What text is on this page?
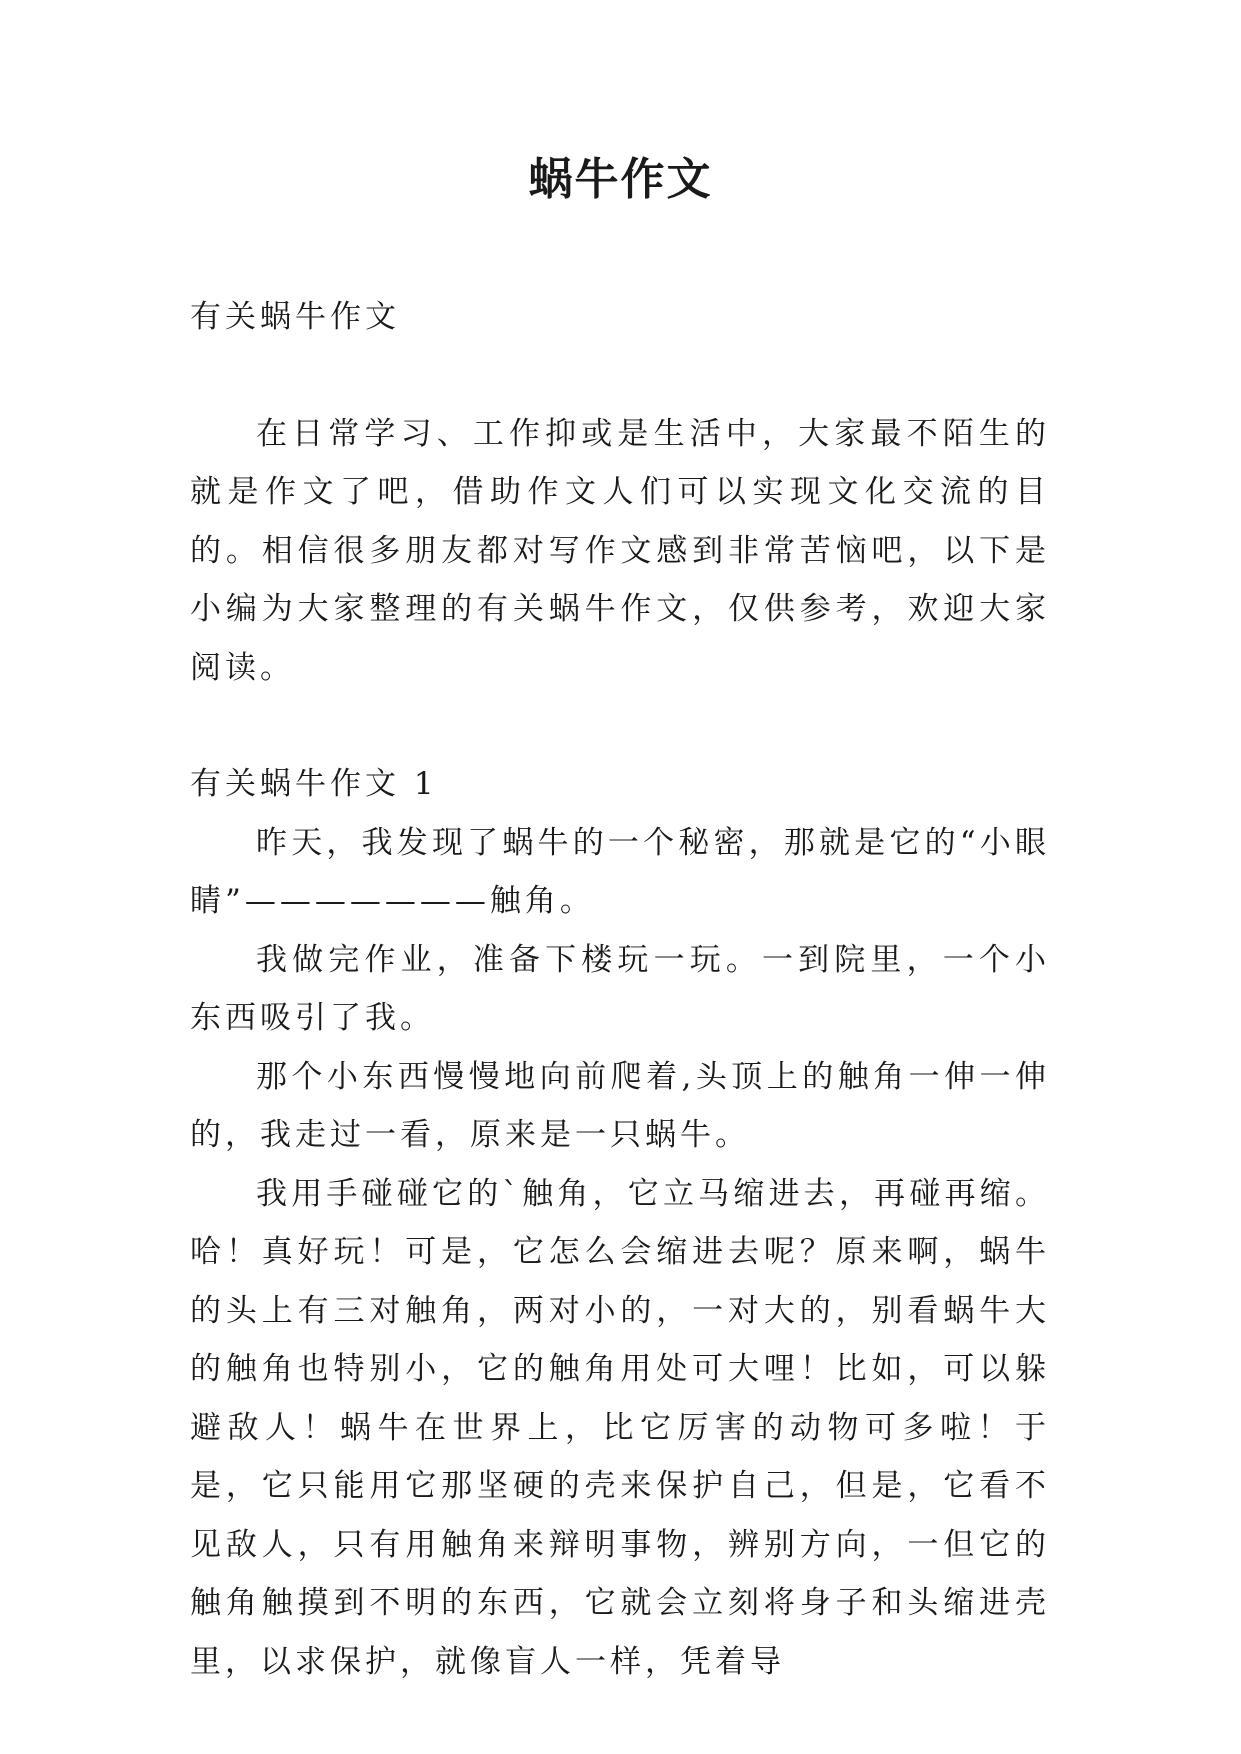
蜗牛作文

有关蜗牛作文

在日常学习、工作抑或是生活中，大家最不陌生的就是作文了吧，借助作文人们可以实现文化交流的目的。相信很多朋友都对写作文感到非常苦恼吧，以下是小编为大家整理的有关蜗牛作文，仅供参考，欢迎大家阅读。

有关蜗牛作文 1

昨天，我发现了蜗牛的一个秘密，那就是它的“小眼睛”———————触角。

我做完作业，准备下楼玩一玩。一到院里，一个小东西吸引了我。

那个小东西慢慢地向前爬着,头顶上的触角一伸一伸的，我走过一看，原来是一只蜗牛。

我用手碰碰它的`触角，它立马缩进去，再碰再缩。哈！真好玩！可是，它怎么会缩进去呢？原来啊，蜗牛的头上有三对触角，两对小的，一对大的，别看蜗牛大的触角也特别小，它的触角用处可大哩！比如，可以躲避敌人！蜗牛在世界上，比它厉害的动物可多啦！于是，它只能用它那坚硬的壳来保护自己，但是，它看不见敌人，只有用触角来辩明事物，辨别方向，一但它的触角触摸到不明的东西，它就会立刻将身子和头缩进壳里，以求保护，就像盲人一样，凭着导
